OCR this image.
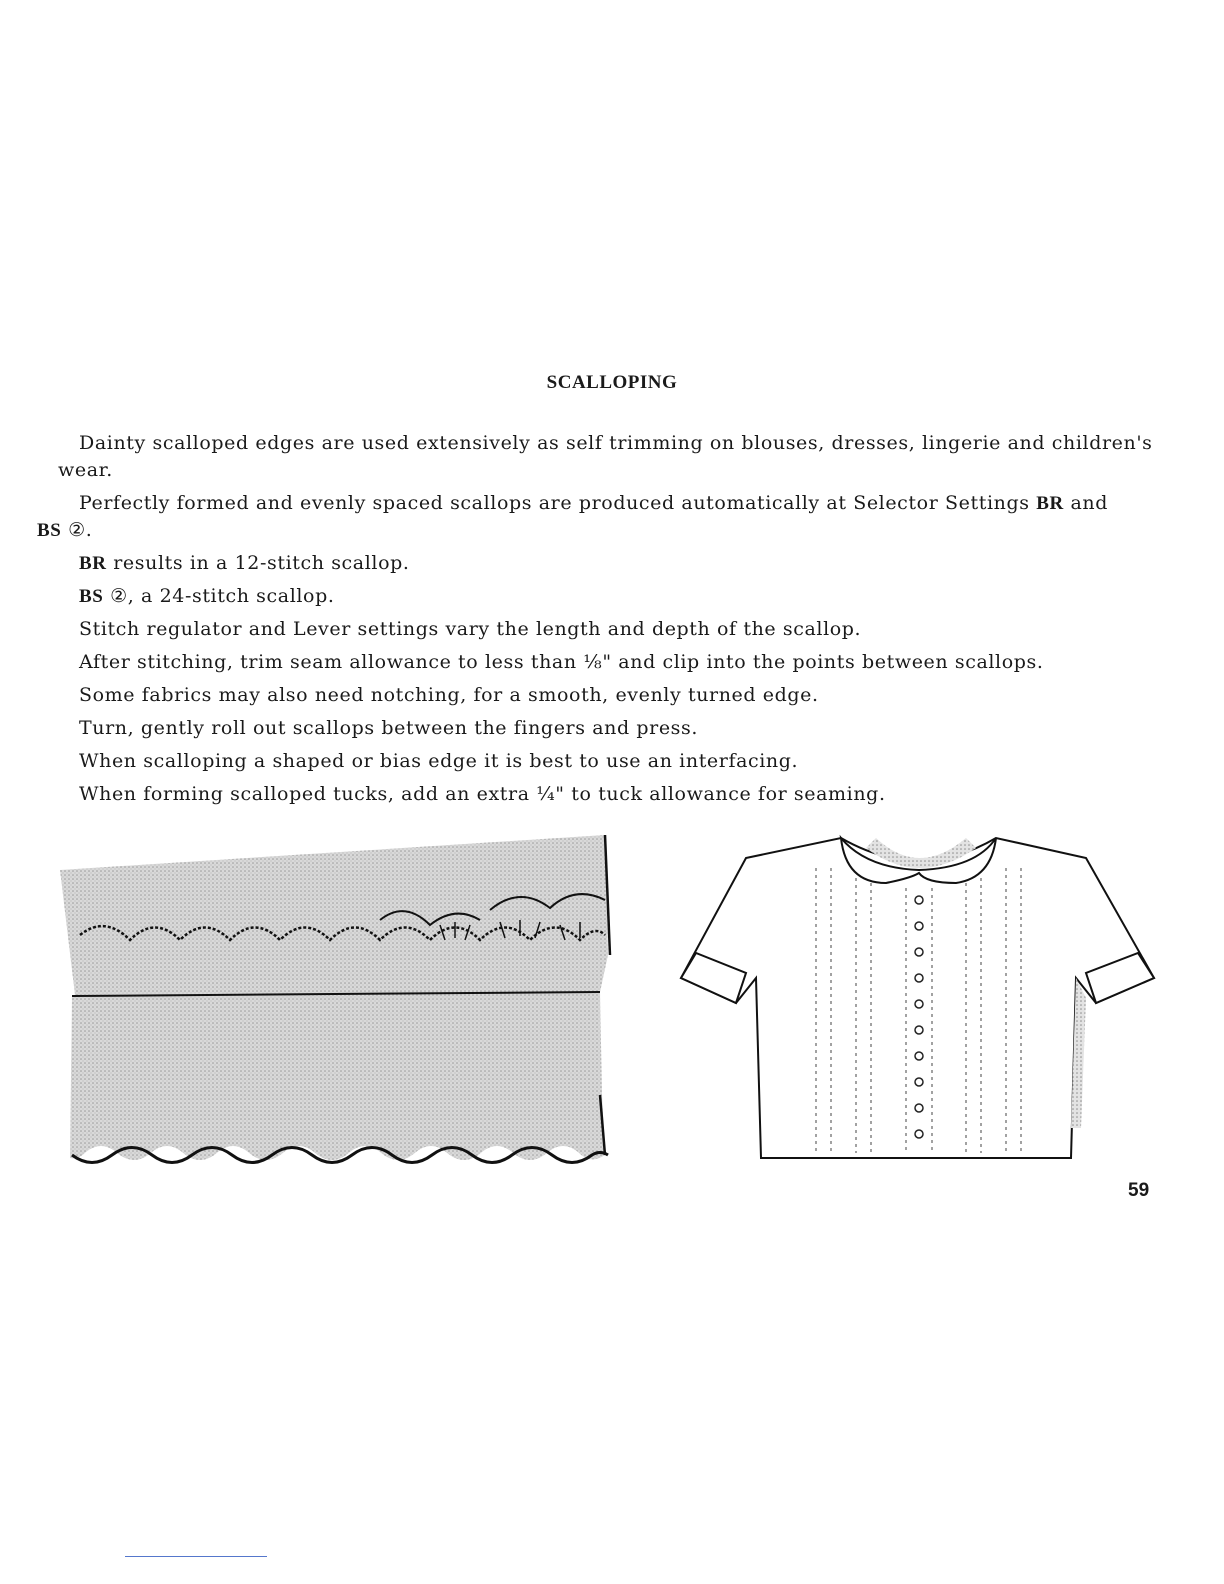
SCALLOPING

Dainty scalloped edges are used extensively as self trimming on blouses, dresses, lingerie and children's wear.

Perfectly formed and evenly spaced scallops are produced automatically at Selector Settings BR and
BS ②.

BR results in a 12-stitch scallop.

BS ②, a 24-stitch scallop.

Stitch regulator and Lever settings vary the length and depth of the scallop.

After stitching, trim seam allowance to less than ⅛" and clip into the points between scallops.

Some fabrics may also need notching, for a smooth, evenly turned edge.

Turn, gently roll out scallops between the fingers and press.

When scalloping a shaped or bias edge it is best to use an interfacing.

When forming scalloped tucks, add an extra ¼" to tuck allowance for seaming.

59
